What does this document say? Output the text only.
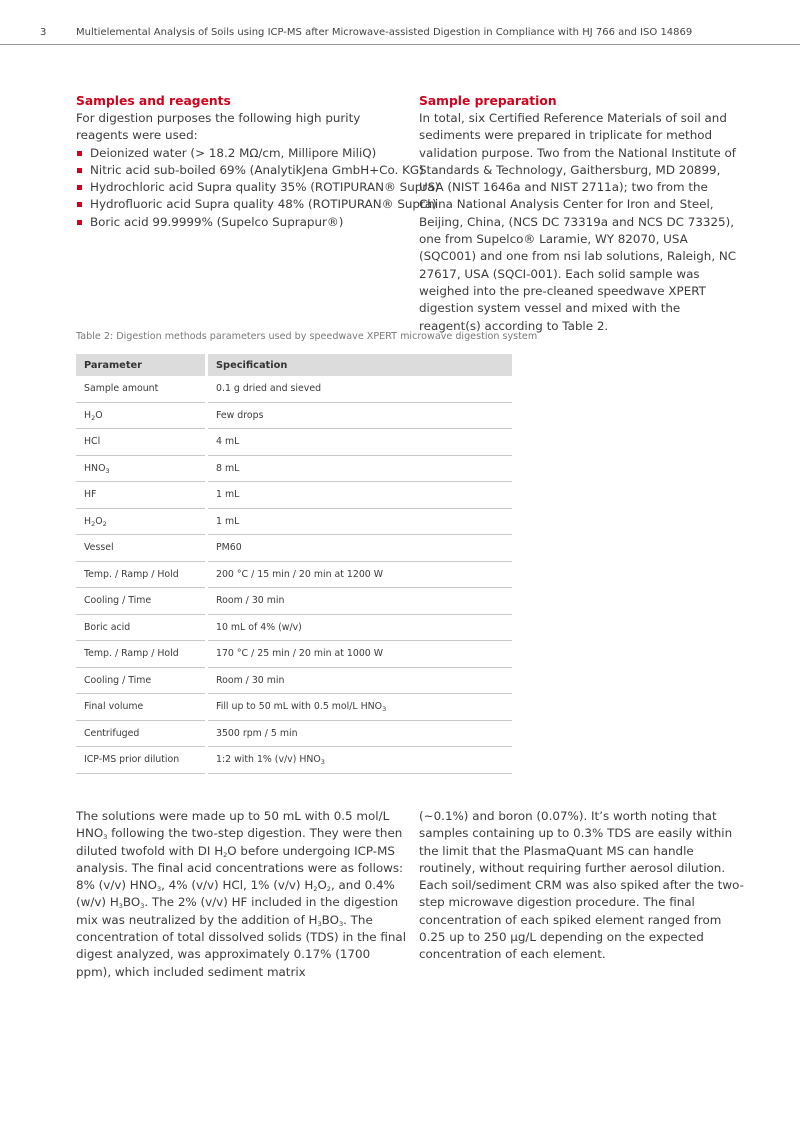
3	Multielemental Analysis of Soils using ICP-MS after Microwave-assisted Digestion in Compliance with HJ 766 and ISO 14869
Samples and reagents

For digestion purposes the following high purity reagents were used:

Deionized water (> 18.2 MΩ/cm, Millipore MiliQ)
Nitric acid sub-boiled 69% (AnalytikJena GmbH+Co. KG)
Hydrochloric acid Supra quality 35% (ROTIPURAN® Supra)
Hydrofluoric acid Supra quality 48% (ROTIPURAN® Supra)
Boric acid 99.9999% (Supelco Suprapur®)
Sample preparation

In total, six Certified Reference Materials of soil and sediments were prepared in triplicate for method validation purpose. Two from the National Institute of Standards & Technology, Gaithersburg, MD 20899, USA (NIST 1646a and NIST 2711a); two from the China National Analysis Center for Iron and Steel, Beijing, China, (NCS DC 73319a and NCS DC 73325), one from Supelco® Laramie, WY 82070, USA (SQC001) and one from nsi lab solutions, Raleigh, NC 27617, USA (SQCI-001). Each solid sample was weighed into the pre-cleaned speedwave XPERT digestion system vessel and mixed with the reagent(s) according to Table 2.

Table 2: Digestion methods parameters used by speedwave XPERT microwave digestion system
Parameter	Specification
Sample amount	0.1 g dried and sieved
$H_2O$	Few drops
HCl	4 mL
$HNO_3$	8 mL
HF	1 mL
$H_2O_2$	1 mL
Vessel	PM60
Temp. / Ramp / Hold	200 °C / 15 min / 20 min at 1200 W
Cooling / Time	Room / 30 min
Boric acid	10 mL of 4% (w/v)
Temp. / Ramp / Hold	170 °C / 25 min / 20 min at 1000 W
Cooling / Time	Room / 30 min
Final volume	Fill up to 50 mL with 0.5 mol/L $HNO_3$
Centrifuged	3500 rpm / 5 min
ICP-MS prior dilution	1:2 with 1% (v/v) $HNO_3$

The solutions were made up to 50 mL with 0.5 mol/L $HNO_3$ following the two-step digestion. They were then diluted twofold with DI $H_2O$ before undergoing ICP-MS analysis. The final acid concentrations were as follows: 8% (v/v) $HNO_3$, 4% (v/v) HCl, 1% (v/v) $H_2O_2$, and 0.4% (w/v) $H_3BO_3$. The 2% (v/v) HF included in the digestion mix was neutralized by the addition of $H_3BO_3$. The concentration of total dissolved solids (TDS) in the final digest analyzed, was approximately 0.17% (1700 ppm), which included sediment matrix

(~0.1%) and boron (0.07%). It’s worth noting that samples containing up to 0.3% TDS are easily within the limit that the PlasmaQuant MS can handle routinely, without requiring further aerosol dilution.

Each soil/sediment CRM was also spiked after the two-step microwave digestion procedure. The final concentration of each spiked element ranged from 0.25 up to 250 µg/L depending on the expected concentration of each element.
